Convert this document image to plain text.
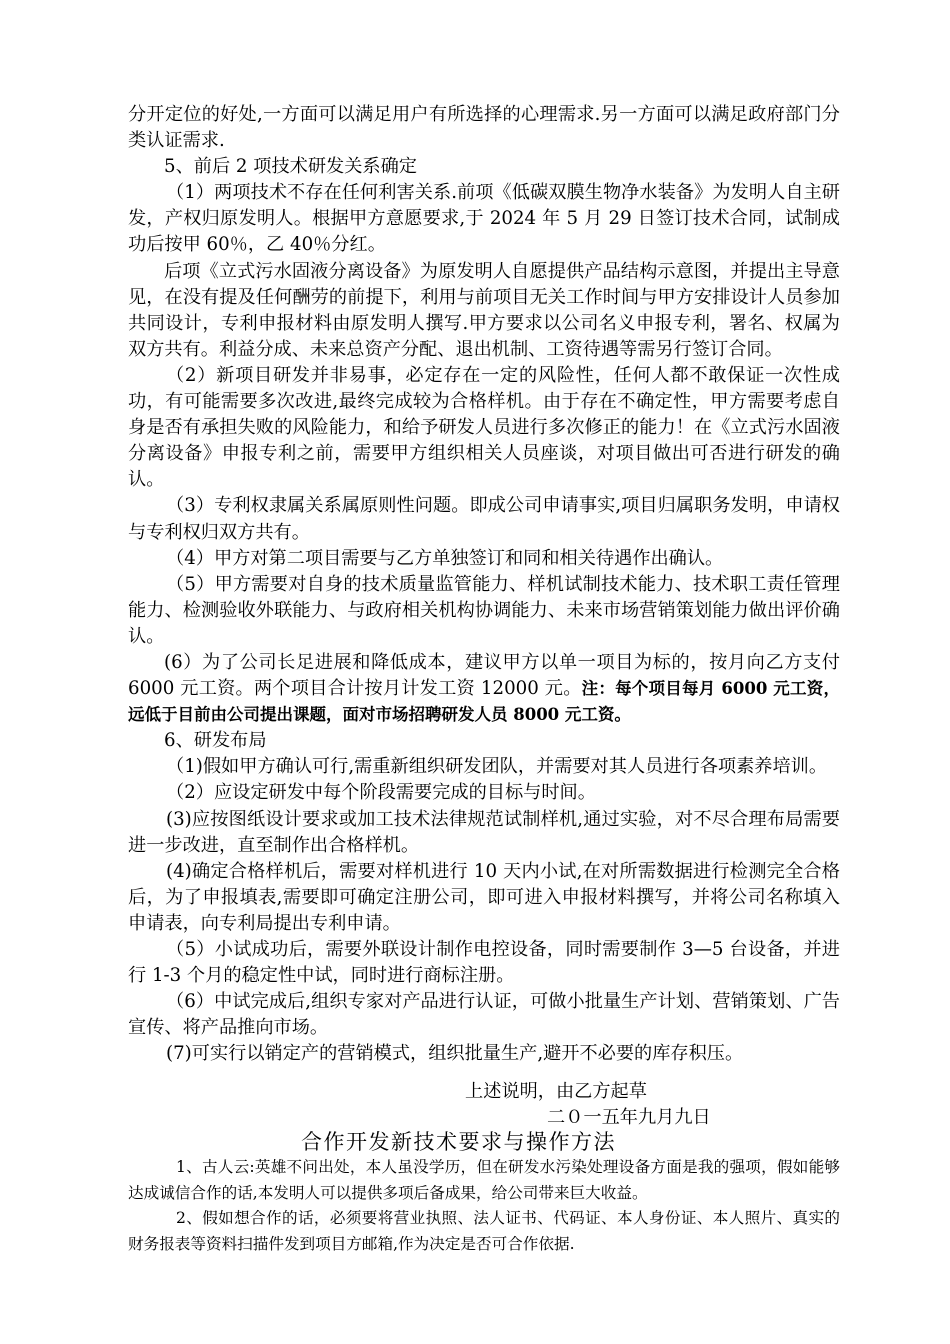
分开定位的好处,一方面可以满足用户有所选择的心理需求.另一方面可以满足政府部门分类认证需求.

5、前后 2 项技术研发关系确定

（1）两项技术不存在任何利害关系.前项《低碳双膜生物净水装备》为发明人自主研发，产权归原发明人。根据甲方意愿要求,于 2024 年 5 月 29 日签订技术合同，试制成功后按甲 60％，乙 40％分红。

后项《立式污水固液分离设备》为原发明人自愿提供产品结构示意图，并提出主导意见，在没有提及任何酬劳的前提下，利用与前项目无关工作时间与甲方安排设计人员参加共同设计，专利申报材料由原发明人撰写.甲方要求以公司名义申报专利，署名、权属为双方共有。利益分成、未来总资产分配、退出机制、工资待遇等需另行签订合同。

（2）新项目研发并非易事，必定存在一定的风险性，任何人都不敢保证一次性成功，有可能需要多次改进,最终完成较为合格样机。由于存在不确定性，甲方需要考虑自身是否有承担失败的风险能力，和给予研发人员进行多次修正的能力！在《立式污水固液分离设备》申报专利之前，需要甲方组织相关人员座谈，对项目做出可否进行研发的确认。

（3）专利权隶属关系属原则性问题。即成公司申请事实,项目归属职务发明，申请权与专利权归双方共有。

（4）甲方对第二项目需要与乙方单独签订和同和相关待遇作出确认。

（5）甲方需要对自身的技术质量监管能力、样机试制技术能力、技术职工责任管理能力、检测验收外联能力、与政府相关机构协调能力、未来市场营销策划能力做出评价确认。

(6）为了公司长足进展和降低成本，建议甲方以单一项目为标的，按月向乙方支付 6000 元工资。两个项目合计按月计发工资 12000 元。注：每个项目每月 6000 元工资，远低于目前由公司提出课题，面对市场招聘研发人员 8000 元工资。

6、研发布局

（1)假如甲方确认可行,需重新组织研发团队，并需要对其人员进行各项素养培训。

（2）应设定研发中每个阶段需要完成的目标与时间。

(3)应按图纸设计要求或加工技术法律规范试制样机,通过实验，对不尽合理布局需要进一步改进，直至制作出合格样机。

(4)确定合格样机后，需要对样机进行 10 天内小试,在对所需数据进行检测完全合格后，为了申报填表,需要即可确定注册公司，即可进入申报材料撰写，并将公司名称填入申请表，向专利局提出专利申请。

（5）小试成功后，需要外联设计制作电控设备，同时需要制作 3—5 台设备，并进行 1-3 个月的稳定性中试，同时进行商标注册。

（6）中试完成后,组织专家对产品进行认证，可做小批量生产计划、营销策划、广告宣传、将产品推向市场。

(7)可实行以销定产的营销模式，组织批量生产,避开不必要的库存积压。

上述说明，由乙方起草
二０一五年九月九日
合作开发新技术要求与操作方法

1、古人云:英雄不问出处，本人虽没学历，但在研发水污染处理设备方面是我的强项，假如能够达成诚信合作的话,本发明人可以提供多项后备成果，给公司带来巨大收益。

2、假如想合作的话，必须要将营业执照、法人证书、代码证、本人身份证、本人照片、真实的财务报表等资料扫描件发到项目方邮箱,作为决定是否可合作依据.
